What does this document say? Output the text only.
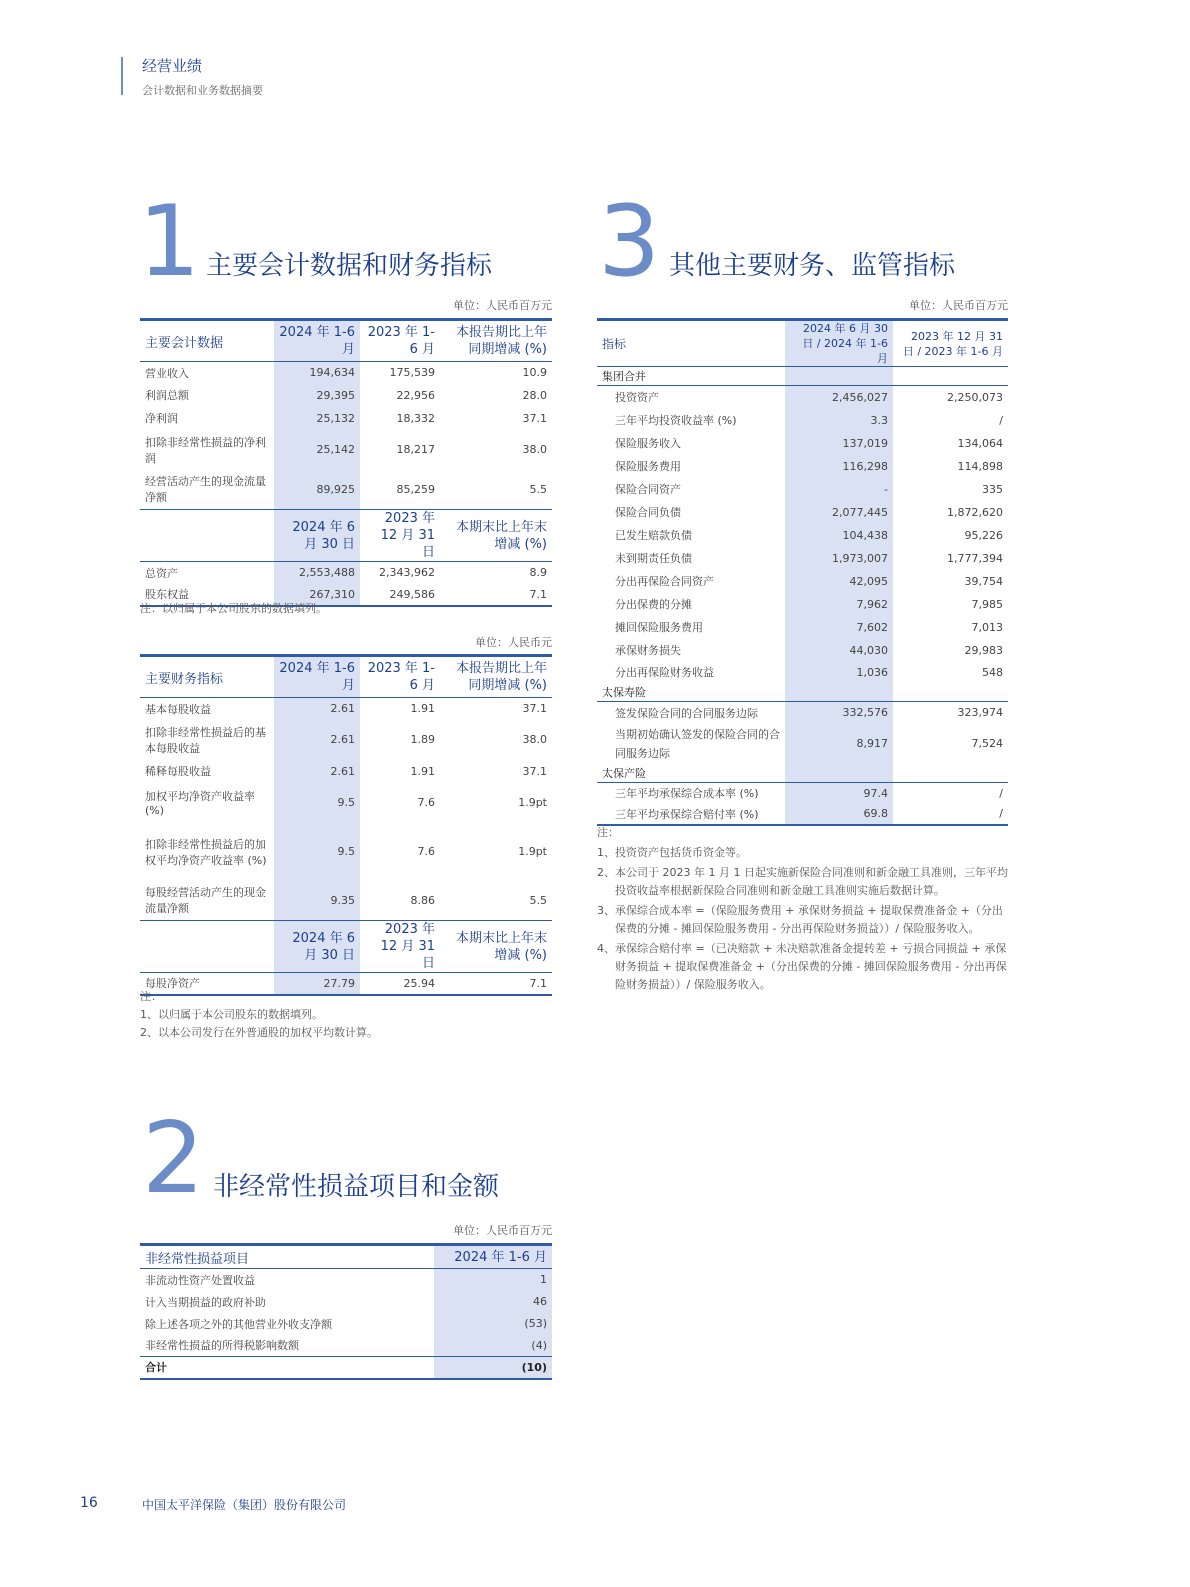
经营业绩
会计数据和业务数据摘要
1 主要会计数据和财务指标
单位：人民币百万元
主要会计数据	2024 年 1-6 月	2023 年 1-6 月	本报告期比上年同期增减 (%)
营业收入	194,634	175,539	10.9
利润总额	29,395	22,956	28.0
净利润	25,132	18,332	37.1
扣除非经常性损益的净利润	25,142	18,217	38.0
经营活动产生的现金流量净额	89,925	85,259	5.5
	2024 年 6 月 30 日	2023 年 12 月 31 日	本期末比上年末增减 (%)
总资产	2,553,488	2,343,962	8.9
股东权益	267,310	249,586	7.1
注：以归属于本公司股东的数据填列。
单位：人民币元
主要财务指标	2024 年 1-6 月	2023 年 1-6 月	本报告期比上年同期增减 (%)
基本每股收益	2.61	1.91	37.1
扣除非经常性损益后的基本每股收益	2.61	1.89	38.0
稀释每股收益	2.61	1.91	37.1
加权平均净资产收益率 (%)	9.5	7.6	1.9pt
扣除非经常性损益后的加权平均净资产收益率 (%)	9.5	7.6	1.9pt
每股经营活动产生的现金流量净额	9.35	8.86	5.5
	2024 年 6 月 30 日	2023 年 12 月 31 日	本期末比上年末增减 (%)
每股净资产	27.79	25.94	7.1

注：

1、以归属于本公司股东的数据填列。

2、以本公司发行在外普通股的加权平均数计算。

2 非经常性损益项目和金额
单位：人民币百万元
非经常性损益项目	2024 年 1-6 月
非流动性资产处置收益	1
计入当期损益的政府补助	46
除上述各项之外的其他营业外收支净额	(53)
非经常性损益的所得税影响数额	(4)
合计	(10)
3 其他主要财务、监管指标
单位：人民币百万元
指标	2024 年 6 月 30 日 / 2024 年 1-6 月	2023 年 12 月 31 日 / 2023 年 1-6 月
集团合并		
投资资产	2,456,027	2,250,073
三年平均投资收益率 (%)	3.3	/
保险服务收入	137,019	134,064
保险服务费用	116,298	114,898
保险合同资产	-	335
保险合同负债	2,077,445	1,872,620
已发生赔款负债	104,438	95,226
未到期责任负债	1,973,007	1,777,394
分出再保险合同资产	42,095	39,754
分出保费的分摊	7,962	7,985
摊回保险服务费用	7,602	7,013
承保财务损失	44,030	29,983
分出再保险财务收益	1,036	548
太保寿险		
签发保险合同的合同服务边际	332,576	323,974
当期初始确认签发的保险合同的合同服务边际	8,917	7,524
太保产险		
三年平均承保综合成本率 (%)	97.4	/
三年平均承保综合赔付率 (%)	69.8	/

注：

1、投资资产包括货币资金等。

2、本公司于 2023 年 1 月 1 日起实施新保险合同准则和新金融工具准则，三年平均投资收益率根据新保险合同准则和新金融工具准则实施后数据计算。

3、承保综合成本率 =（保险服务费用 + 承保财务损益 + 提取保费准备金 +（分出保费的分摊 - 摊回保险服务费用 - 分出再保险财务损益））/ 保险服务收入。

4、承保综合赔付率 =（已决赔款 + 未决赔款准备金提转差 + 亏损合同损益 + 承保财务损益 + 提取保费准备金 +（分出保费的分摊 - 摊回保险服务费用 - 分出再保险财务损益））/ 保险服务收入。

16	中国太平洋保险（集团）股份有限公司
